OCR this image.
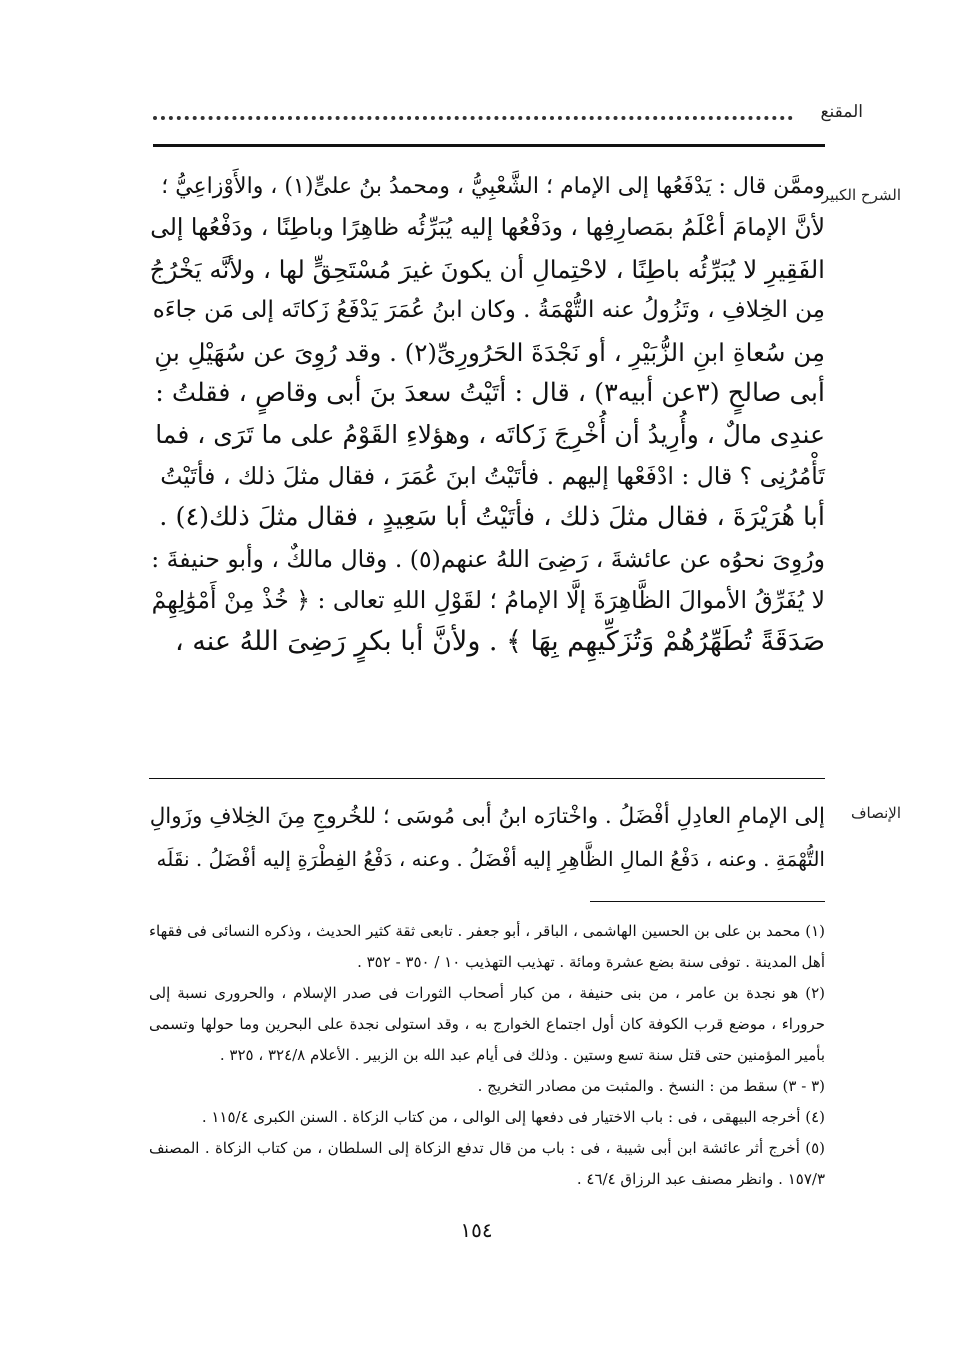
المقنع
الشرح الكبير
وممَّن قال : يَدْفَعُها إلى الإمام ؛ الشَّعْبِيُّ ، ومحمدُ بنُ علىٍّ(١) ، والأَوْزاعِيُّ ؛
لأنَّ الإمامَ أعْلَمُ بمَصارِفِها ، ودَفْعُها إليه يُبَرِّئُه ظاهِرًا وباطِنًا ، ودَفْعُها إلى
الفَقِيرِ لا يُبَرِّئُه باطِنًا ، لاحْتِمالِ أن يكونَ غيرَ مُسْتَحِقٍّ لها ، ولأنَّه يَخْرُجُ
مِن الخِلافِ ، وتَزُولُ عنه التُّهْمَةُ . وكان ابنُ عُمَرَ يَدْفَعُ زَكاتَه إلى مَن جاءَه
مِن سُعاةِ ابنِ الزُّبَيْرِ ، أو نَجْدَةَ الحَرُورِىِّ(٢) . وقد رُوِىَ عن سُهَيْلِ بنِ
أبى صالحٍ (٣عن أبيه٣) ، قال : أتَيْتُ سعدَ بنَ أبى وقاصٍ ، فقلتُ :
عندِى مالٌ ، وأُرِيدُ أن أُخْرِجَ زَكاتَه ، وهؤلاءِ القَوْمُ على ما تَرَى ، فما
تَأْمُرُنِى ؟ قال : ادْفَعْها إليهم . فأتَيْتُ ابنَ عُمَرَ ، فقال مثلَ ذلك ، فأتَيْتُ
أبا هُرَيْرَةَ ، فقال مثلَ ذلك ، فأتَيْتُ أبا سَعِيدٍ ، فقال مثلَ ذلك(٤) .
ورُوِىَ نحوُه عن عائشةَ ، رَضِىَ اللهُ عنهم(٥) . وقال مالكٌ ، وأبو حنيفةَ :
لا يُفَرِّقُ الأموالَ الظَّاهِرَةَ إلَّا الإمامُ ؛ لقَوْلِ اللهِ تعالى : ﴿ خُذْ مِنْ أَمْوَٰلِهِمْ
صَدَقَةً تُطَهِّرُهُمْ وَتُزَكِّيهِم بِهَا ﴾ . ولأنَّ أبا بكرٍ رَضِىَ اللهُ عنه ،
الإنصاف
إلى الإمامِ العادِلِ أفْضَلُ . واخْتارَه ابنُ أبى مُوسَى ؛ للخُروجِ مِنَ الخِلافِ وزَوالِ
التُّهْمَةِ . وعنه ، دَفْعُ المالِ الظَّاهِرِ إليه أفْضَلُ . وعنه ، دَفْعُ الفِطْرَةِ إليه أفْضَلُ . نقَلَه

(١) محمد بن على بن الحسين الهاشمى ، الباقر ، أبو جعفر . تابعى ثقة كثير الحديث ، وذكره النسائى فى فقهاء أهل المدينة . توفى سنة بضع عشرة ومائة . تهذيب التهذيب ١٠ / ٣٥٠ - ٣٥٢ .

(٢) هو نجدة بن عامر ، من بنى حنيفة ، من كبار أصحاب الثورات فى صدر الإسلام ، والحرورى نسبة إلى حروراء ، موضع قرب الكوفة كان أول اجتماع الخوارج به ، وقد استولى نجدة على البحرين وما حولها وتسمى بأمير المؤمنين حتى قتل سنة تسع وستين . وذلك فى أيام عبد الله بن الزبير . الأعلام ٣٢٤/٨ ، ٣٢٥ .

(٣ - ٣) سقط من : النسخ . والمثبت من مصادر التخريج .

(٤) أخرجه البيهقى ، فى : باب الاختيار فى دفعها إلى الوالى ، من كتاب الزكاة . السنن الكبرى ١١٥/٤ .

(٥) أخرج أثر عائشة ابن أبى شيبة ، فى : باب من قال تدفع الزكاة إلى السلطان ، من كتاب الزكاة . المصنف ١٥٧/٣ . وانظر مصنف عبد الرزاق ٤٦/٤ .

١٥٤
